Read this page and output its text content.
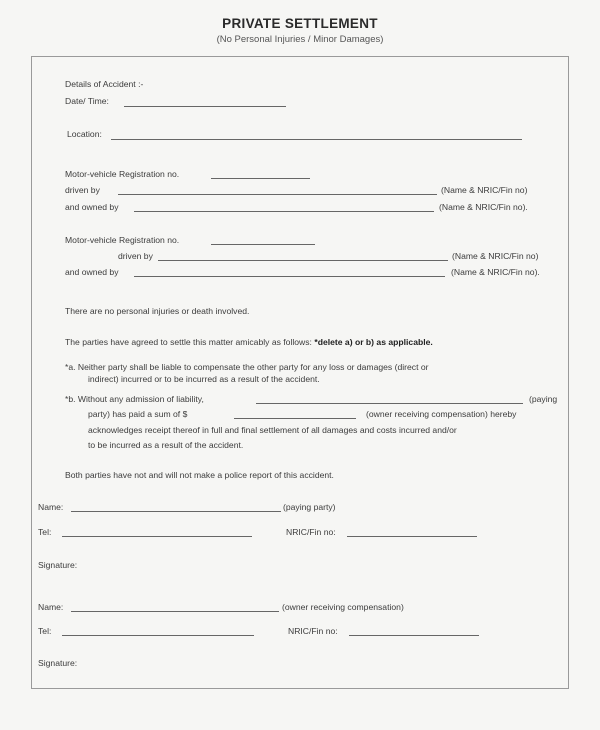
PRIVATE SETTLEMENT
(No Personal Injuries / Minor Damages)
Details of Accident :-
Date/ Time:
Location:
Motor-vehicle Registration no.
driven by	(Name & NRIC/Fin no)
and owned by	(Name & NRIC/Fin no).
Motor-vehicle Registration no.
driven by	(Name & NRIC/Fin no)
and owned by	(Name & NRIC/Fin no).
There are no personal injuries or death involved.
The parties have agreed to settle this matter amicably as follows: *delete a) or b) as applicable.
*a. Neither party shall be liable to compensate the other party for any loss or damages (direct or
indirect) incurred or to be incurred as a result of the accident.
*b. Without any admission of liability,	(paying
party) has paid a sum of $	(owner receiving compensation) hereby
acknowledges receipt thereof in full and final settlement of all damages and costs incurred and/or
to be incurred as a result of the accident.
Both parties have not and will not make a police report of this accident.
Name:	(paying party)
Tel:	NRIC/Fin no:
Signature:
Name:	(owner receiving compensation)
Tel:	NRIC/Fin no:
Signature:
